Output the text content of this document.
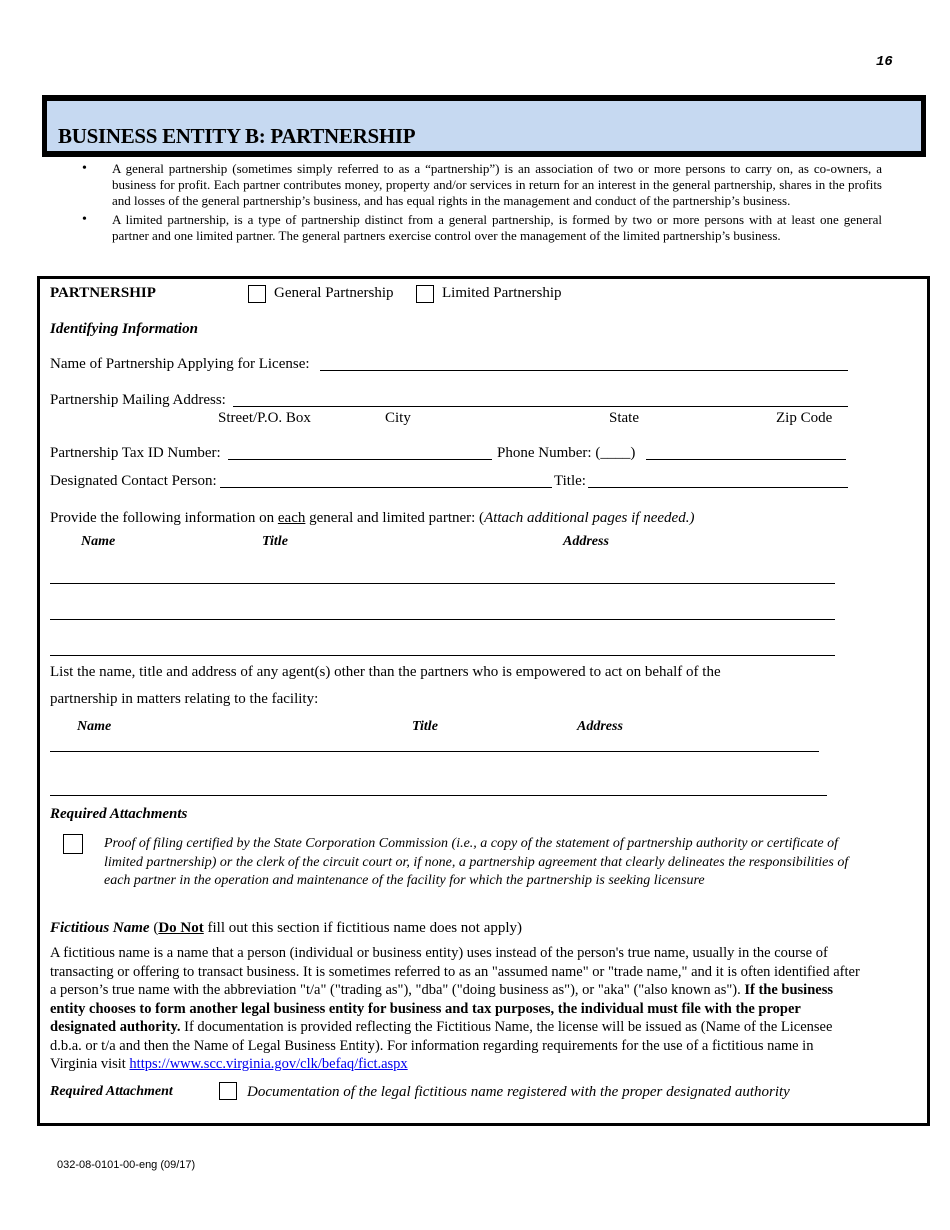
16
BUSINESS ENTITY B: PARTNERSHIP
• A general partnership (sometimes simply referred to as a “partnership”) is an association of two or more persons to carry on, as co-owners, a business for profit. Each partner contributes money, property and/or services in return for an interest in the general partnership, shares in the profits and losses of the general partnership’s business, and has equal rights in the management and conduct of the partnership’s business.
• A limited partnership, is a type of partnership distinct from a general partnership, is formed by two or more persons with at least one general partner and one limited partner. The general partners exercise control over the management of the limited partnership’s business.
PARTNERSHIP	General Partnership	Limited Partnership
Identifying Information
Name of Partnership Applying for License:
Partnership Mailing Address:
Street/P.O. Box	City	State	Zip Code
Partnership Tax ID Number:	Phone Number: (____)
Designated Contact Person:	Title:
Provide the following information on each general and limited partner: (Attach additional pages if needed.)
Name	Title	Address
List the name, title and address of any agent(s) other than the partners who is empowered to act on behalf of the
partnership in matters relating to the facility:
Name	Title	Address
Required Attachments
Proof of filing certified by the State Corporation Commission (i.e., a copy of the statement of partnership authority or certificate of limited partnership) or the clerk of the circuit court or, if none, a partnership agreement that clearly delineates the responsibilities of each partner in the operation and maintenance of the facility for which the partnership is seeking licensure
Fictitious Name (Do Not fill out this section if fictitious name does not apply)
A fictitious name is a name that a person (individual or business entity) uses instead of the person's true name, usually in the course of transacting or offering to transact business. It is sometimes referred to as an "assumed name" or "trade name," and it is often identified after a person’s true name with the abbreviation "t/a" ("trading as"), "dba" ("doing business as"), or "aka" ("also known as"). If the business entity chooses to form another legal business entity for business and tax purposes, the individual must file with the proper designated authority. If documentation is provided reflecting the Fictitious Name, the license will be issued as (Name of the Licensee d.b.a. or t/a and then the Name of Legal Business Entity). For information regarding requirements for the use of a fictitious name in Virginia visit https://www.scc.virginia.gov/clk/befaq/fict.aspx
Required Attachment	Documentation of the legal fictitious name registered with the proper designated authority
032-08-0101-00-eng (09/17)
